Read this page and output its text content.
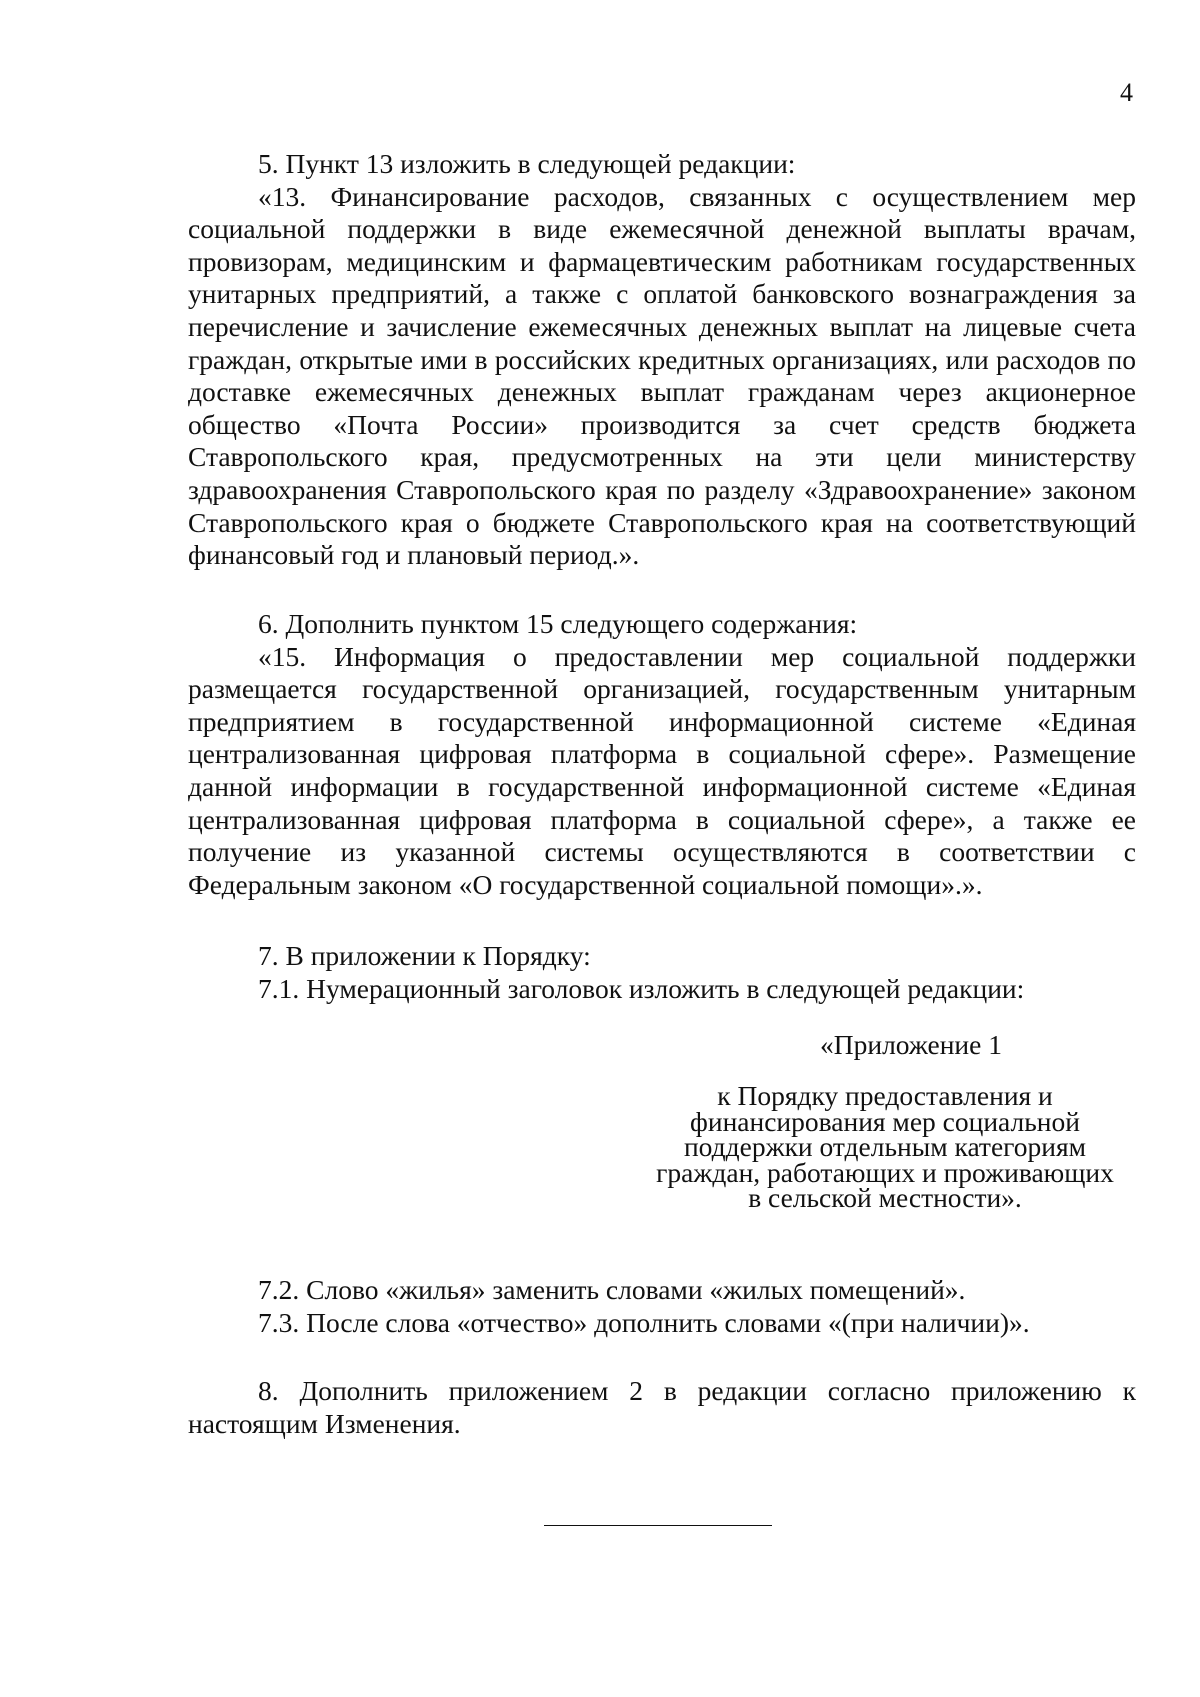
4

5. Пункт 13 изложить в следующей редакции:

«13. Финансирование расходов, связанных с осуществлением мер социальной поддержки в виде ежемесячной денежной выплаты врачам, провизорам, медицинским и фармацевтическим работникам государственных унитарных предприятий, а также с оплатой банковского вознаграждения за перечисление и зачисление ежемесячных денежных выплат на лицевые счета граждан, открытые ими в российских кредитных организациях, или расходов по доставке ежемесячных денежных выплат гражданам через акционерное общество «Почта России» производится за счет средств бюджета Ставропольского края, предусмотренных на эти цели министерству здравоохранения Ставропольского края по разделу «Здравоохранение» законом Ставропольского края о бюджете Ставропольского края на соответствующий финансовый год и плановый период.».

6. Дополнить пунктом 15 следующего содержания:

«15. Информация о предоставлении мер социальной поддержки размещается государственной организацией, государственным унитарным предприятием в государственной информационной системе «Единая централизованная цифровая платформа в социальной сфере». Размещение данной информации в государственной информационной системе «Единая централизованная цифровая платформа в социальной сфере», а также ее получение из указанной системы осуществляются в соответствии с Федеральным законом «О государственной социальной помощи».».

7. В приложении к Порядку:

7.1. Нумерационный заголовок изложить в следующей редакции:

«Приложение 1
к Порядку предоставления и
финансирования мер социальной
поддержки отдельным категориям
граждан, работающих и проживающих
в сельской местности».

7.2. Слово «жилья» заменить словами «жилых помещений».

7.3. После слова «отчество» дополнить словами «(при наличии)».

8. Дополнить приложением 2 в редакции согласно приложению к настоящим Изменения.
